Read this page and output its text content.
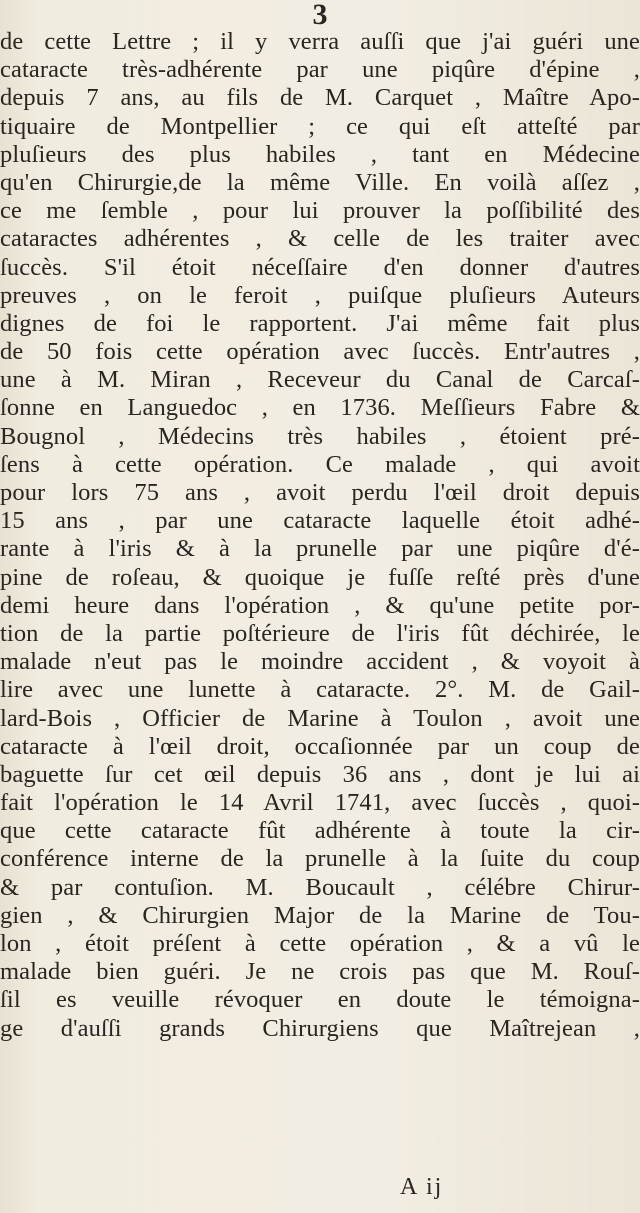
3
de cette Lettre ; il y verra auſſi que j'ai guéri une
cataracte très-adhérente par une piqûre d'épine ,
depuis 7 ans, au fils de M. Carquet , Maître Apo-
tiquaire de Montpellier ; ce qui eſt atteſté par
pluſieurs des plus habiles , tant en Médecine
qu'en Chirurgie,de la même Ville. En voilà aſſez ,
ce me ſemble , pour lui prouver la poſſibilité des
cataractes adhérentes , & celle de les traiter avec
ſuccès. S'il étoit néceſſaire d'en donner d'autres
preuves , on le feroit , puiſque pluſieurs Auteurs
dignes de foi le rapportent. J'ai même fait plus
de 50 fois cette opération avec ſuccès. Entr'autres ,
une à M. Miran , Receveur du Canal de Carcaſ-
ſonne en Languedoc , en 1736. Meſſieurs Fabre &
Bougnol , Médecins très habiles , étoient pré-
ſens à cette opération. Ce malade , qui avoit
pour lors 75 ans , avoit perdu l'œil droit depuis
15 ans , par une cataracte laquelle étoit adhé-
rante à l'iris & à la prunelle par une piqûre d'é-
pine de roſeau, & quoique je fuſſe reſté près d'une
demi heure dans l'opération , & qu'une petite por-
tion de la partie poſtérieure de l'iris fût déchirée, le
malade n'eut pas le moindre accident , & voyoit à
lire avec une lunette à cataracte. 2°. M. de Gail-
lard-Bois , Officier de Marine à Toulon , avoit une
cataracte à l'œil droit, occaſionnée par un coup de
baguette ſur cet œil depuis 36 ans , dont je lui ai
fait l'opération le 14 Avril 1741, avec ſuccès , quoi-
que cette cataracte fût adhérente à toute la cir-
conférence interne de la prunelle à la ſuite du coup
& par contuſion. M. Boucault , célébre Chirur-
gien , & Chirurgien Major de la Marine de Tou-
lon , étoit préſent à cette opération , & a vû le
malade bien guéri. Je ne crois pas que M. Rouſ-
ſil es veuille révoquer en doute le témoigna-
ge d'auſſi grands Chirurgiens que Maîtrejean ,
A ij
